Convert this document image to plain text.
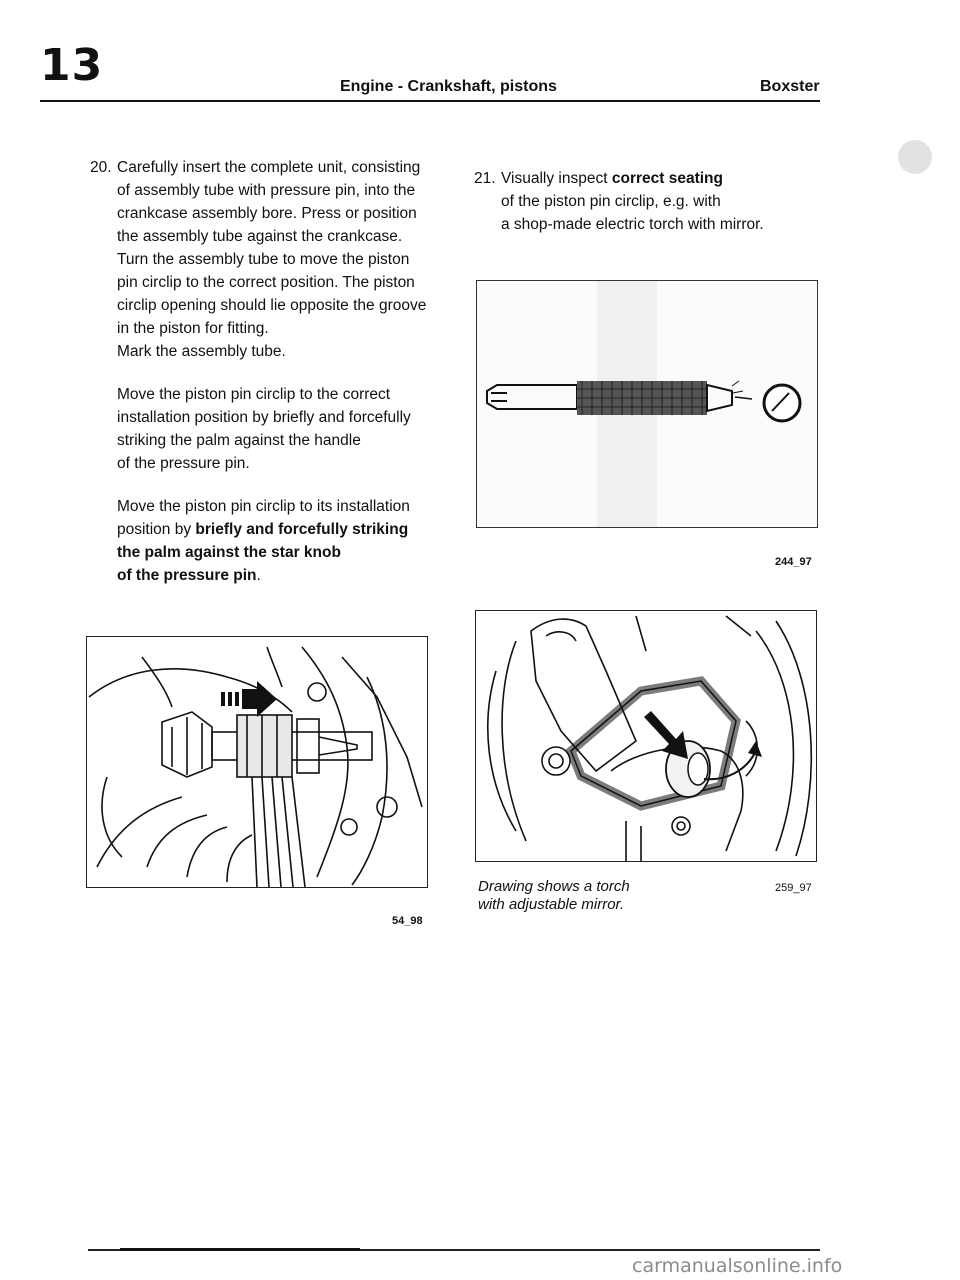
13	Engine - Crankshaft, pistons	Boxster

20. Carefully insert the complete unit, consisting

of assembly tube with pressure pin, into the
crankcase assembly bore. Press or position
the assembly tube against the crankcase.
Turn the assembly tube to move the piston
pin circlip to the correct position. The piston
circlip opening should lie opposite the groove
in the piston for fitting.
Mark the assembly tube.
Move the piston pin circlip to the correct
installation position by briefly and forcefully
striking the palm against the handle
of the pressure pin.
Move the piston pin circlip to its installation
position by briefly and forcefully striking
the palm against the star knob
of the pressure pin.
21. Visually inspect correct seating
of the piston pin circlip, e.g. with
a shop-made electric torch with mirror.
54_98
244_97
Drawing shows a torch
with adjustable mirror.
259_97
carmanualsonline.info
